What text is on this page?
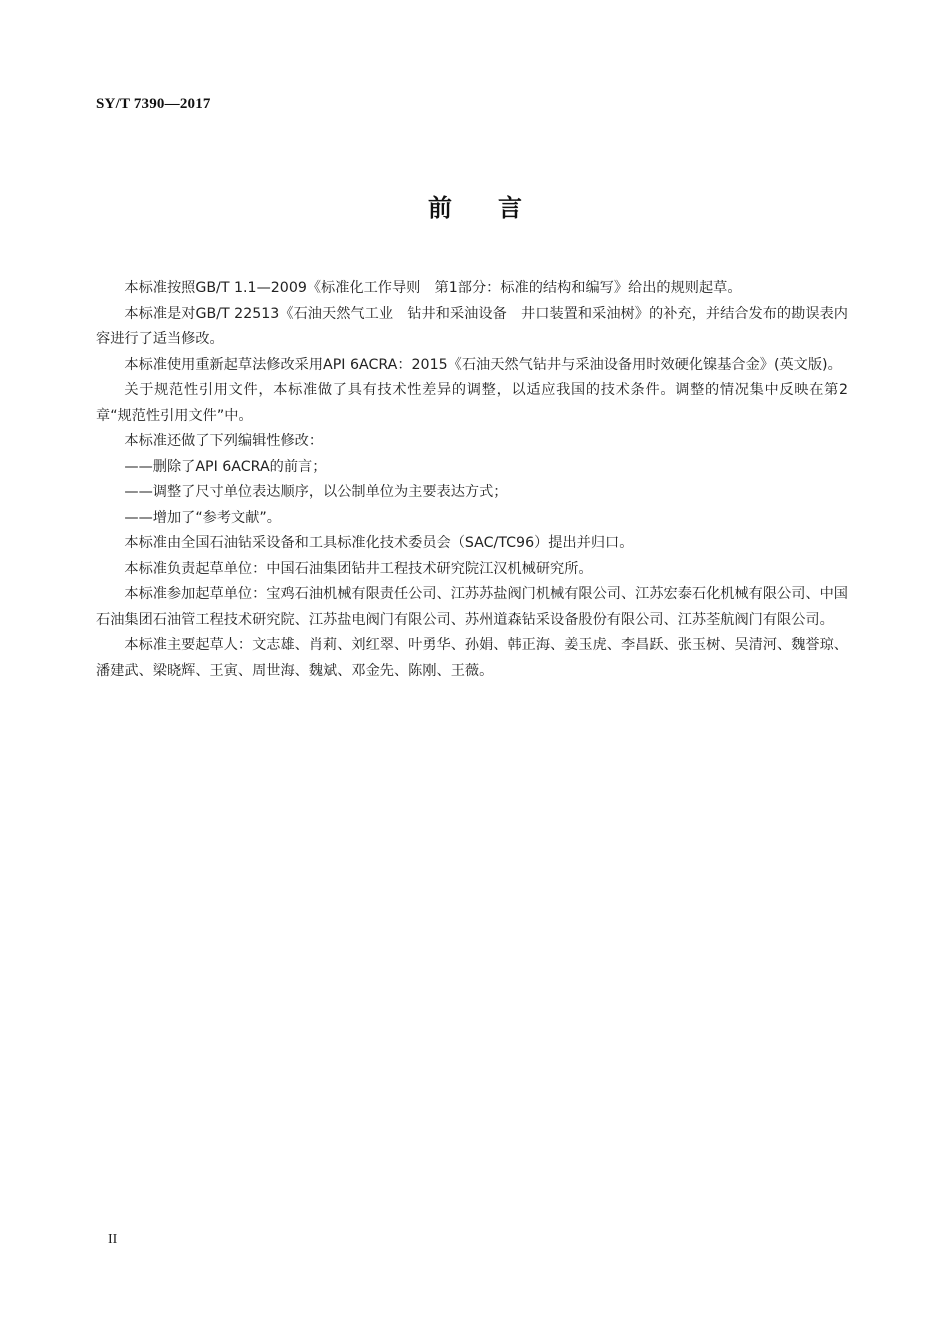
SY/T 7390—2017
前言

本标准按照GB/T 1.1—2009《标准化工作导则　第1部分：标准的结构和编写》给出的规则起草。

本标准是对GB/T 22513《石油天然气工业　钻井和采油设备　井口装置和采油树》的补充，并结合发布的勘误表内容进行了适当修改。

本标准使用重新起草法修改采用API 6ACRA：2015《石油天然气钻井与采油设备用时效硬化镍基合金》(英文版)。

关于规范性引用文件，本标准做了具有技术性差异的调整，以适应我国的技术条件。调整的情况集中反映在第2章“规范性引用文件”中。

本标准还做了下列编辑性修改：

——删除了API 6ACRA的前言；

——调整了尺寸单位表达顺序，以公制单位为主要表达方式；

——增加了“参考文献”。

本标准由全国石油钻采设备和工具标准化技术委员会（SAC/TC96）提出并归口。

本标准负责起草单位：中国石油集团钻井工程技术研究院江汉机械研究所。

本标准参加起草单位：宝鸡石油机械有限责任公司、江苏苏盐阀门机械有限公司、江苏宏泰石化机械有限公司、中国石油集团石油管工程技术研究院、江苏盐电阀门有限公司、苏州道森钻采设备股份有限公司、江苏荃航阀门有限公司。

本标准主要起草人：文志雄、肖莉、刘红翠、叶勇华、孙娟、韩正海、姜玉虎、李昌跃、张玉树、吴清河、魏誉琼、潘建武、梁晓辉、王寅、周世海、魏斌、邓金先、陈刚、王薇。

II
